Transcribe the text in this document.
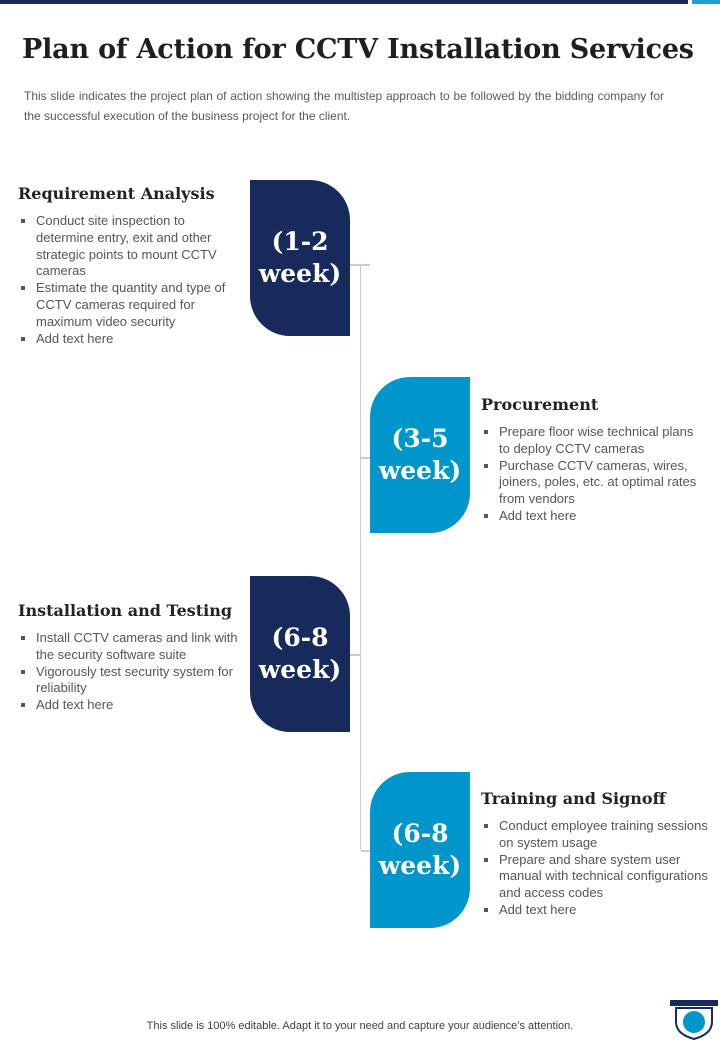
Plan of Action for CCTV Installation Services

This slide indicates the project plan of action showing the multistep approach to be followed by the bidding company for the successful execution of the business project for the client.

(1-2 week)
Requirement Analysis
Conduct site inspection to determine entry, exit and other strategic points to mount CCTV cameras
Estimate the quantity and type of CCTV cameras required for maximum video security
Add text here
(3-5 week)
Procurement
Prepare floor wise technical plans to deploy CCTV cameras
Purchase CCTV cameras, wires, joiners, poles, etc. at optimal rates from vendors
Add text here
(6-8 week)
Installation and Testing
Install CCTV cameras and link with the security software suite
Vigorously test security system for reliability
Add text here
(6-8 week)
Training and Signoff
Conduct employee training sessions on system usage
Prepare and share system user manual with technical configurations and access codes
Add text here
This slide is 100% editable. Adapt it to your need and capture your audience’s attention.
